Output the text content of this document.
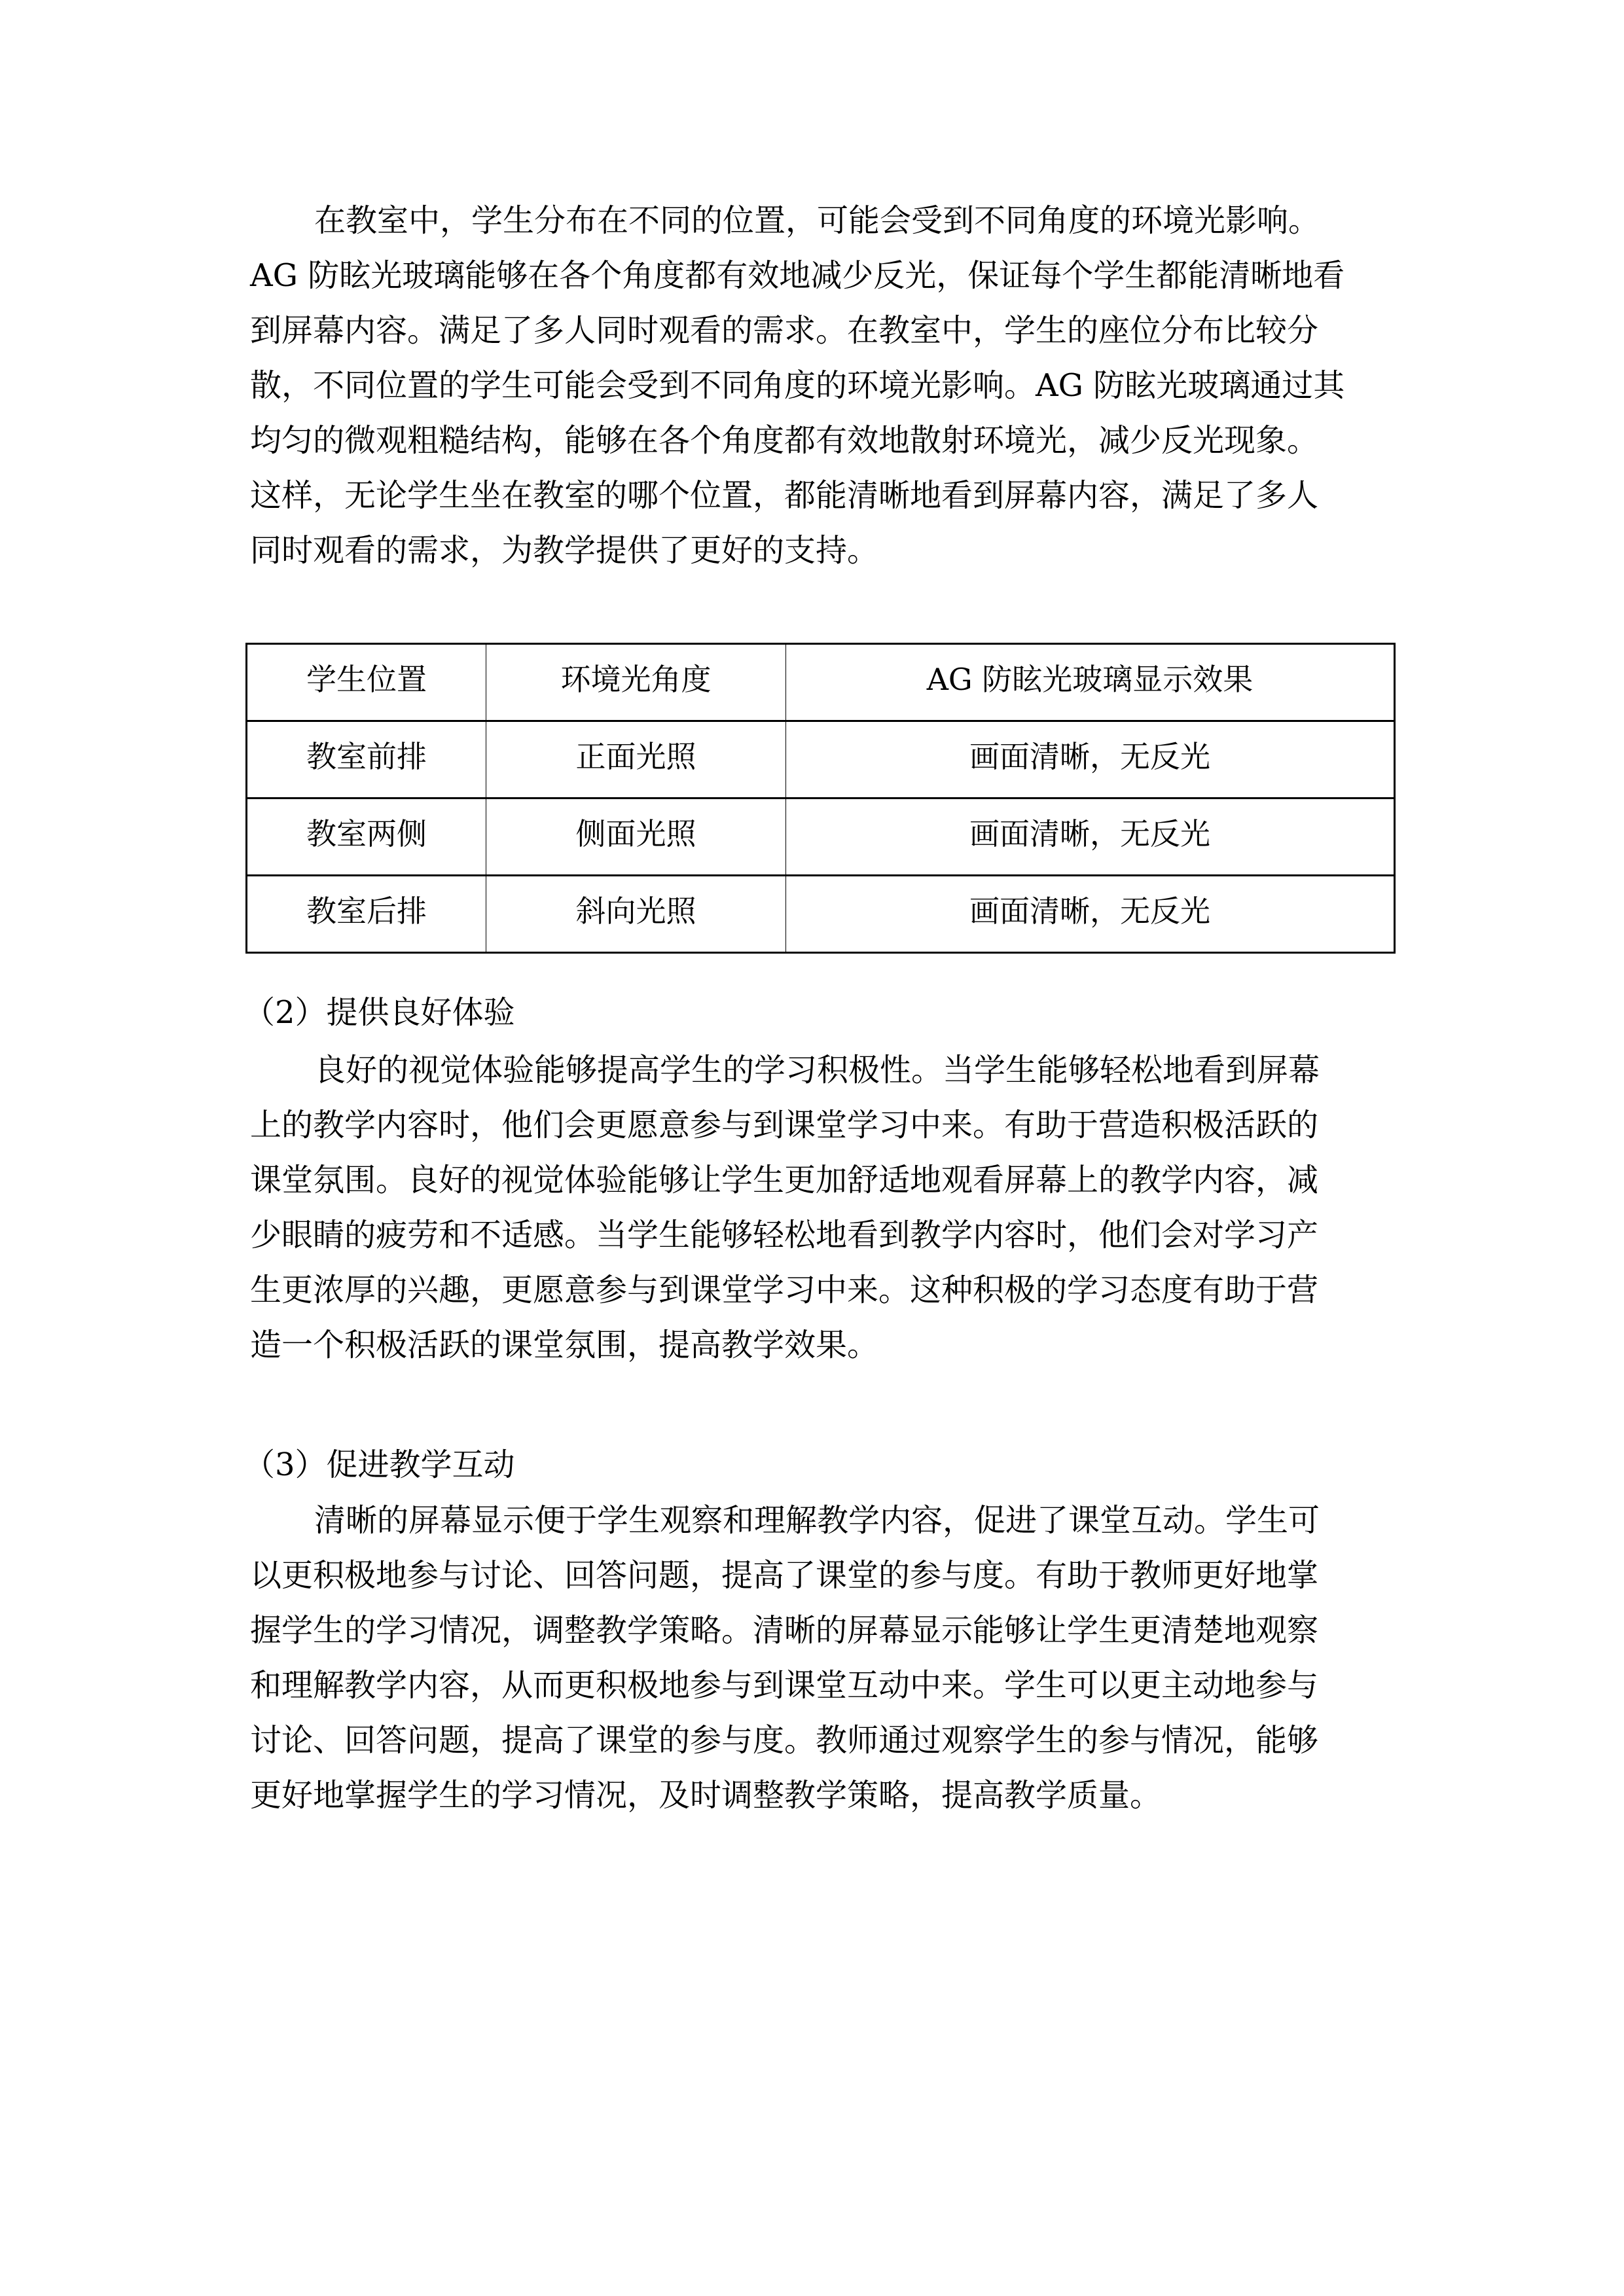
在教室中，学生分布在不同的位置，可能会受到不同角度的环境光影响。
AG 防眩光玻璃能够在各个角度都有效地减少反光，保证每个学生都能清晰地看
到屏幕内容。满足了多人同时观看的需求。在教室中，学生的座位分布比较分
散，不同位置的学生可能会受到不同角度的环境光影响。AG 防眩光玻璃通过其
均匀的微观粗糙结构，能够在各个角度都有效地散射环境光，减少反光现象。
这样，无论学生坐在教室的哪个位置，都能清晰地看到屏幕内容，满足了多人
同时观看的需求，为教学提供了更好的支持。
学生位置	环境光角度	AG 防眩光玻璃显示效果
教室前排	正面光照	画面清晰，无反光
教室两侧	侧面光照	画面清晰，无反光
教室后排	斜向光照	画面清晰，无反光
（2）提供良好体验
良好的视觉体验能够提高学生的学习积极性。当学生能够轻松地看到屏幕
上的教学内容时，他们会更愿意参与到课堂学习中来。有助于营造积极活跃的
课堂氛围。良好的视觉体验能够让学生更加舒适地观看屏幕上的教学内容，减
少眼睛的疲劳和不适感。当学生能够轻松地看到教学内容时，他们会对学习产
生更浓厚的兴趣，更愿意参与到课堂学习中来。这种积极的学习态度有助于营
造一个积极活跃的课堂氛围，提高教学效果。
（3）促进教学互动
清晰的屏幕显示便于学生观察和理解教学内容，促进了课堂互动。学生可
以更积极地参与讨论、回答问题，提高了课堂的参与度。有助于教师更好地掌
握学生的学习情况，调整教学策略。清晰的屏幕显示能够让学生更清楚地观察
和理解教学内容，从而更积极地参与到课堂互动中来。学生可以更主动地参与
讨论、回答问题，提高了课堂的参与度。教师通过观察学生的参与情况，能够
更好地掌握学生的学习情况，及时调整教学策略，提高教学质量。
